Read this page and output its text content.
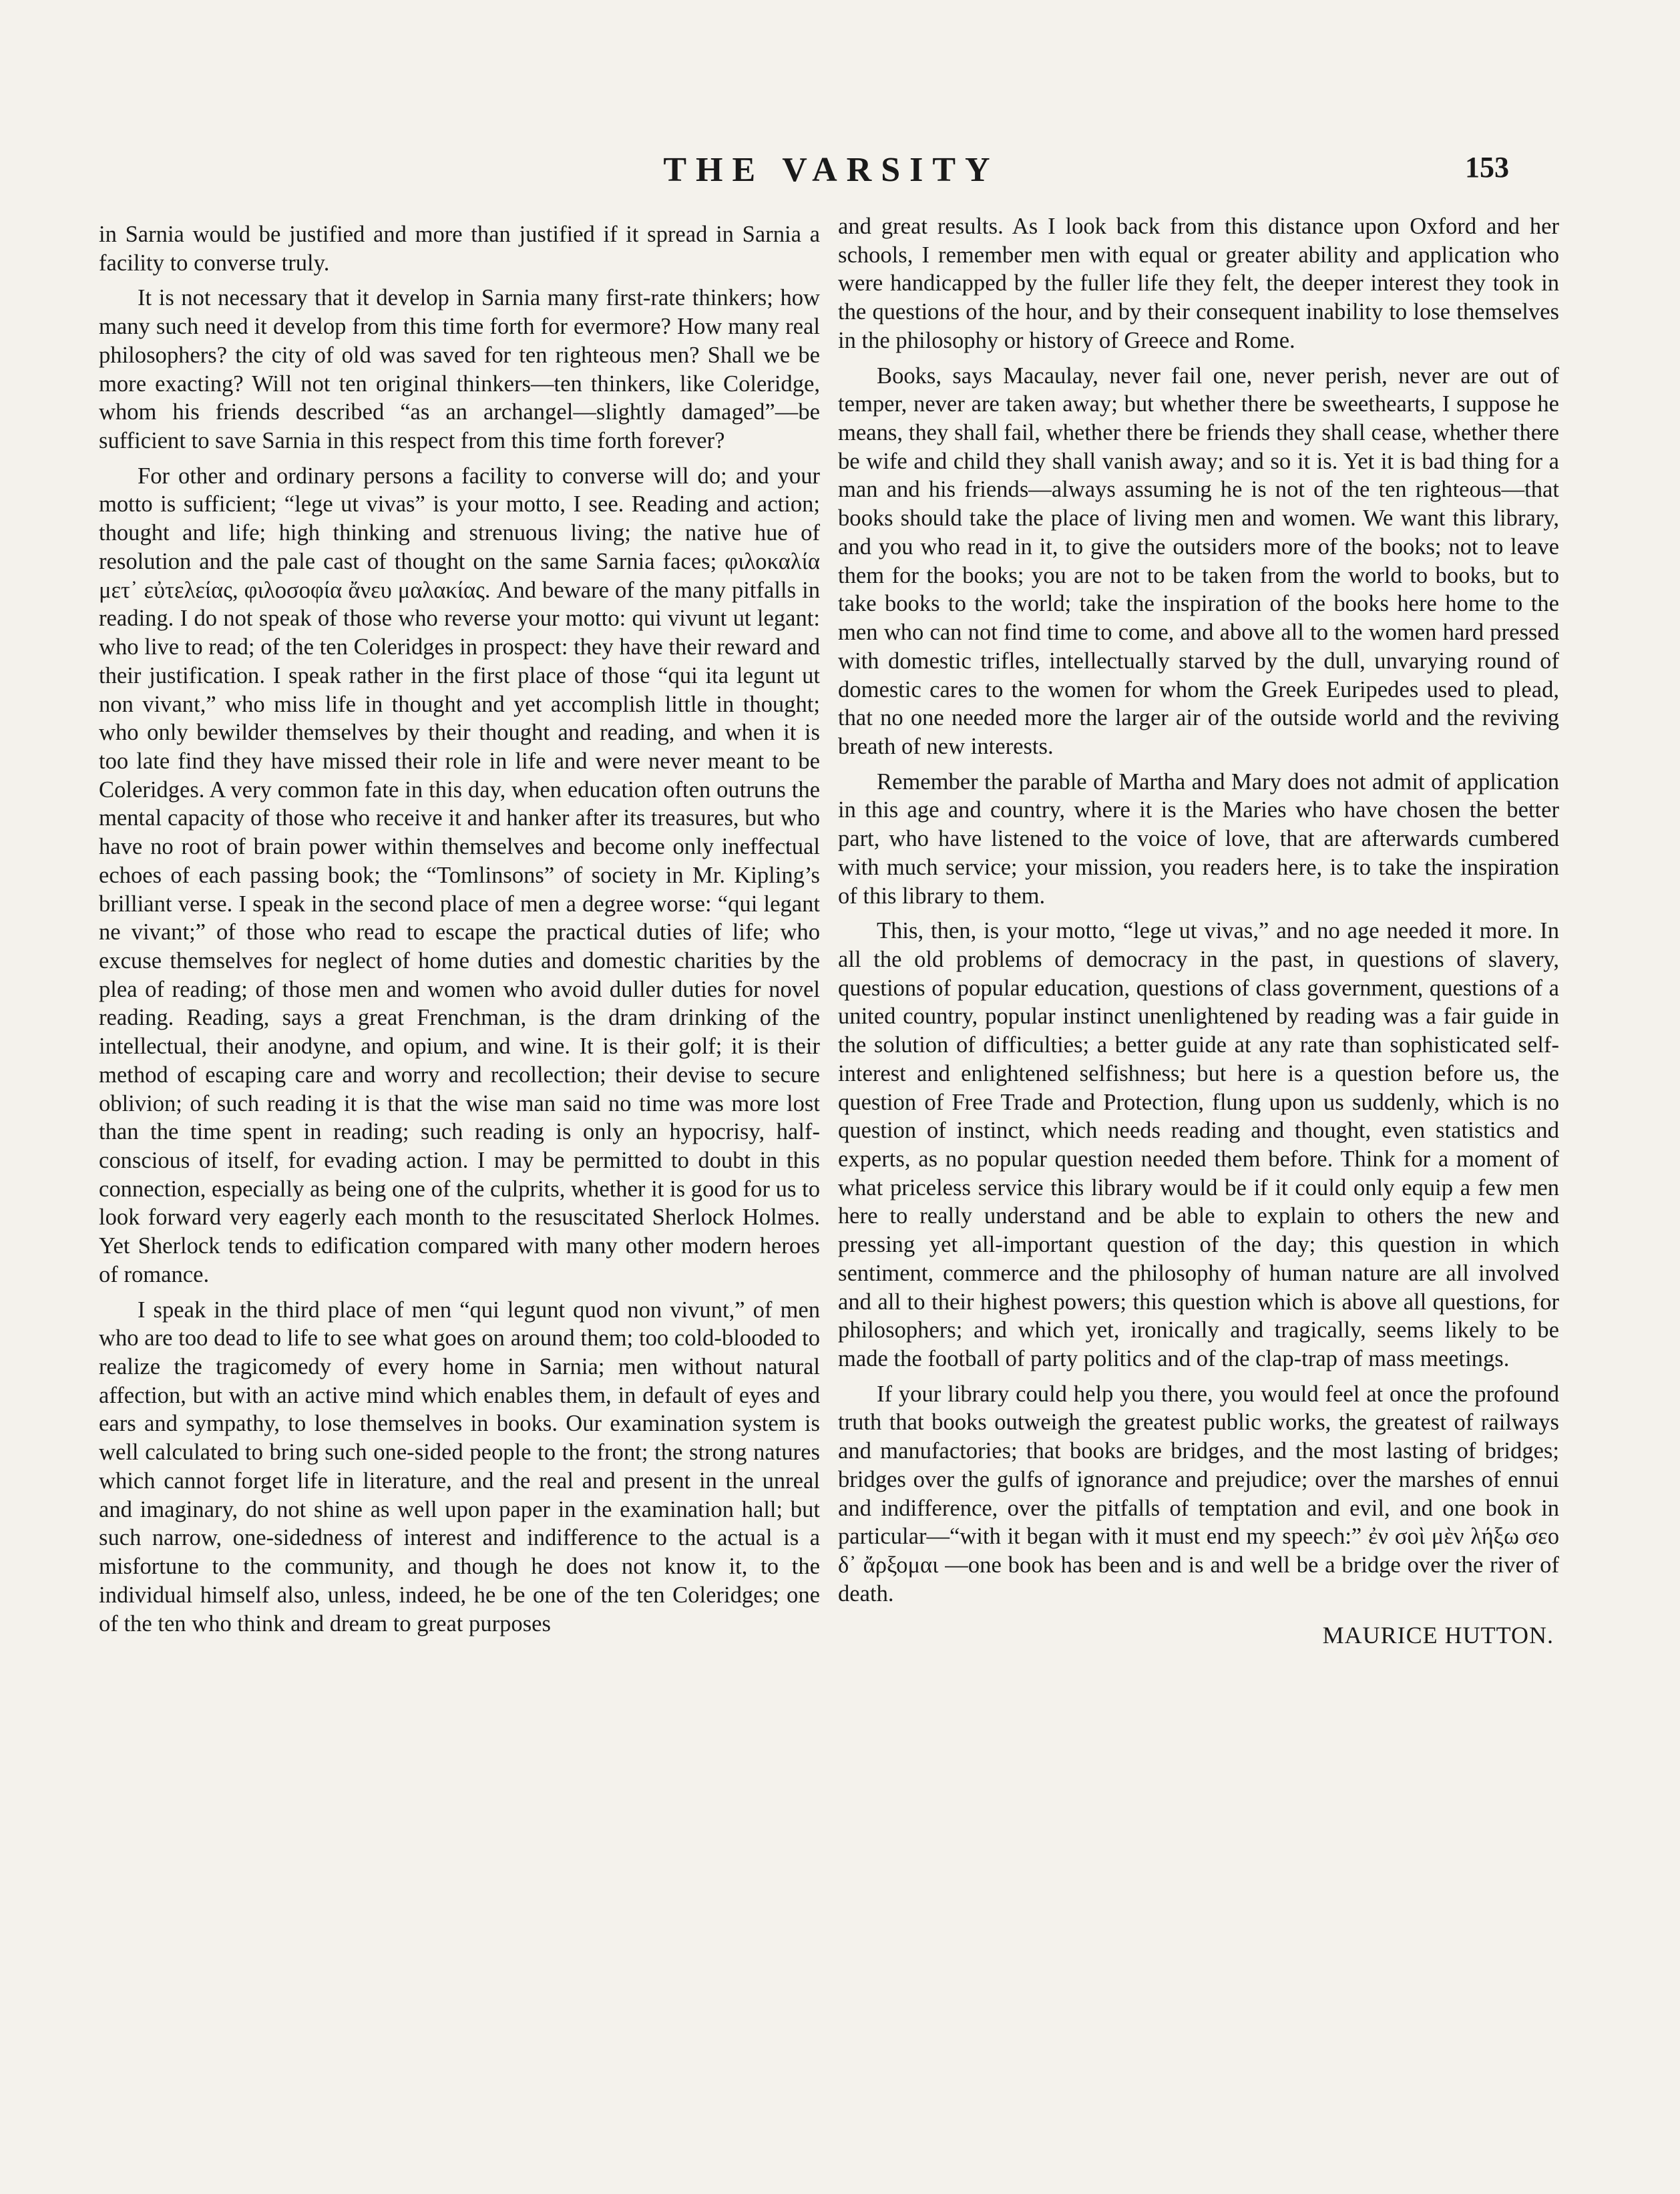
THE VARSITY	153

in Sarnia would be justified and more than justified if it spread in Sarnia a facility to converse truly.

It is not necessary that it develop in Sarnia many first-rate thinkers; how many such need it develop from this time forth for evermore? How many real philosophers? the city of old was saved for ten righteous men? Shall we be more exacting? Will not ten original thinkers—ten thinkers, like Coleridge, whom his friends described “as an archangel—slightly damaged”—be sufficient to save Sarnia in this respect from this time forth forever?

For other and ordinary persons a facility to converse will do; and your motto is sufficient; “lege ut vivas” is your motto, I see. Reading and action; thought and life; high thinking and strenuous living; the native hue of resolution and the pale cast of thought on the same Sarnia faces; φιλοκαλία μετ᾽ εὐτελείας, φιλοσοφία ἄνευ μαλακίας. And beware of the many pitfalls in reading. I do not speak of those who reverse your motto: qui vivunt ut legant: who live to read; of the ten Coleridges in prospect: they have their reward and their justification. I speak rather in the first place of those “qui ita legunt ut non vivant,” who miss life in thought and yet accomplish little in thought; who only bewilder themselves by their thought and reading, and when it is too late find they have missed their role in life and were never meant to be Coleridges. A very common fate in this day, when education often outruns the mental capacity of those who receive it and hanker after its treasures, but who have no root of brain power within themselves and become only ineffectual echoes of each passing book; the “Tomlinsons” of society in Mr. Kipling’s brilliant verse. I speak in the second place of men a degree worse: “qui legant ne vivant;” of those who read to escape the practical duties of life; who excuse themselves for neglect of home duties and domestic charities by the plea of reading; of those men and women who avoid duller duties for novel reading. Reading, says a great Frenchman, is the dram drinking of the intellectual, their anodyne, and opium, and wine. It is their golf; it is their method of escaping care and worry and recollection; their devise to secure oblivion; of such reading it is that the wise man said no time was more lost than the time spent in reading; such reading is only an hypocrisy, half-conscious of itself, for evading action. I may be permitted to doubt in this connection, especially as being one of the culprits, whether it is good for us to look forward very eagerly each month to the resuscitated Sherlock Holmes. Yet Sherlock tends to edification compared with many other modern heroes of romance.

I speak in the third place of men “qui legunt quod non vivunt,” of men who are too dead to life to see what goes on around them; too cold-blooded to realize the tragicomedy of every home in Sarnia; men without natural affection, but with an active mind which enables them, in default of eyes and ears and sympathy, to lose themselves in books. Our examination system is well calculated to bring such one-sided people to the front; the strong natures which cannot forget life in literature, and the real and present in the unreal and imaginary, do not shine as well upon paper in the examination hall; but such narrow, one-sidedness of interest and indifference to the actual is a misfortune to the community, and though he does not know it, to the individual himself also, unless, indeed, he be one of the ten Coleridges; one of the ten who think and dream to great purposes

and great results. As I look back from this distance upon Oxford and her schools, I remember men with equal or greater ability and application who were handicapped by the fuller life they felt, the deeper interest they took in the questions of the hour, and by their consequent inability to lose themselves in the philosophy or history of Greece and Rome.

Books, says Macaulay, never fail one, never perish, never are out of temper, never are taken away; but whether there be sweethearts, I suppose he means, they shall fail, whether there be friends they shall cease, whether there be wife and child they shall vanish away; and so it is. Yet it is bad thing for a man and his friends—always assuming he is not of the ten righteous—that books should take the place of living men and women. We want this library, and you who read in it, to give the outsiders more of the books; not to leave them for the books; you are not to be taken from the world to books, but to take books to the world; take the inspiration of the books here home to the men who can not find time to come, and above all to the women hard pressed with domestic trifles, intellectually starved by the dull, unvarying round of domestic cares to the women for whom the Greek Euripedes used to plead, that no one needed more the larger air of the outside world and the reviving breath of new interests.

Remember the parable of Martha and Mary does not admit of application in this age and country, where it is the Maries who have chosen the better part, who have listened to the voice of love, that are afterwards cumbered with much service; your mission, you readers here, is to take the inspiration of this library to them.

This, then, is your motto, “lege ut vivas,” and no age needed it more. In all the old problems of democracy in the past, in questions of slavery, questions of popular education, questions of class government, questions of a united country, popular instinct unenlightened by reading was a fair guide in the solution of difficulties; a better guide at any rate than sophisticated self-interest and enlightened selfishness; but here is a question before us, the question of Free Trade and Protection, flung upon us suddenly, which is no question of instinct, which needs reading and thought, even statistics and experts, as no popular question needed them before. Think for a moment of what priceless service this library would be if it could only equip a few men here to really understand and be able to explain to others the new and pressing yet all-important question of the day; this question in which sentiment, commerce and the philosophy of human nature are all involved and all to their highest powers; this question which is above all questions, for philosophers; and which yet, ironically and tragically, seems likely to be made the football of party politics and of the clap-trap of mass meetings.

If your library could help you there, you would feel at once the profound truth that books outweigh the greatest public works, the greatest of railways and manufactories; that books are bridges, and the most lasting of bridges; bridges over the gulfs of ignorance and prejudice; over the marshes of ennui and indifference, over the pitfalls of temptation and evil, and one book in particular—“with it began with it must end my speech:” ἐν σοὶ μὲν λήξω σεο δ᾽ ἄρξομαι —one book has been and is and well be a bridge over the river of death.

MAURICE HUTTON.
